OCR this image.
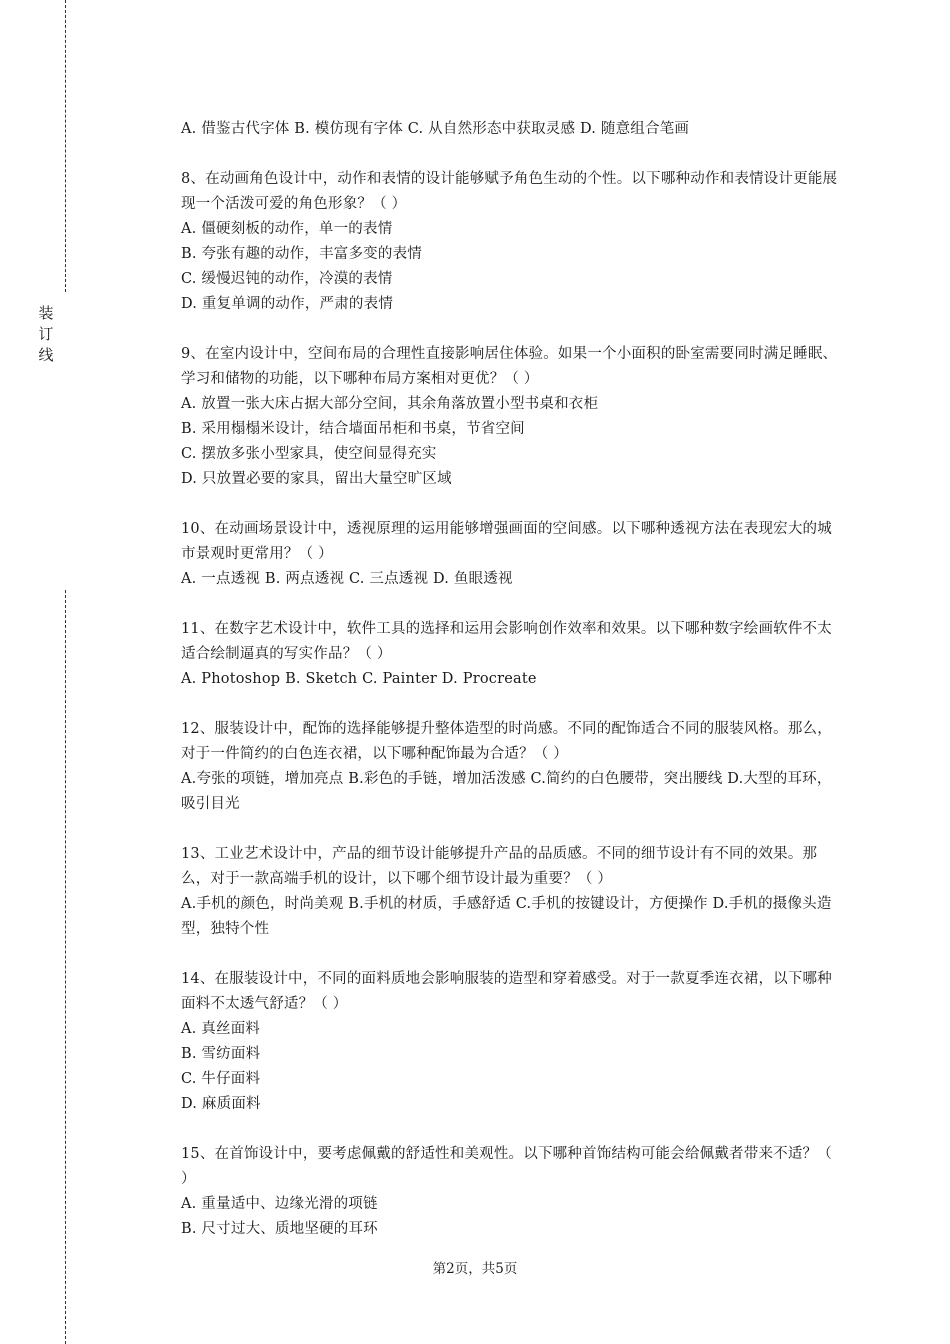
装订线

A. 借鉴古代字体 B. 模仿现有字体 C. 从自然形态中获取灵感 D. 随意组合笔画

8、在动画角色设计中，动作和表情的设计能够赋予角色生动的个性。以下哪种动作和表情设计更能展现一个活泼可爱的角色形象？（ ）

A. 僵硬刻板的动作，单一的表情

B. 夸张有趣的动作，丰富多变的表情

C. 缓慢迟钝的动作，冷漠的表情

D. 重复单调的动作，严肃的表情

9、在室内设计中，空间布局的合理性直接影响居住体验。如果一个小面积的卧室需要同时满足睡眠、学习和储物的功能，以下哪种布局方案相对更优？（ ）

A. 放置一张大床占据大部分空间，其余角落放置小型书桌和衣柜

B. 采用榻榻米设计，结合墙面吊柜和书桌，节省空间

C. 摆放多张小型家具，使空间显得充实

D. 只放置必要的家具，留出大量空旷区域

10、在动画场景设计中，透视原理的运用能够增强画面的空间感。以下哪种透视方法在表现宏大的城市景观时更常用？（ ）

A. 一点透视 B. 两点透视 C. 三点透视 D. 鱼眼透视

11、在数字艺术设计中，软件工具的选择和运用会影响创作效率和效果。以下哪种数字绘画软件不太适合绘制逼真的写实作品？（ ）

A. Photoshop B. Sketch C. Painter D. Procreate

12、服装设计中，配饰的选择能够提升整体造型的时尚感。不同的配饰适合不同的服装风格。那么，对于一件简约的白色连衣裙，以下哪种配饰最为合适？（ ）

A.夸张的项链，增加亮点 B.彩色的手链，增加活泼感 C.简约的白色腰带，突出腰线 D.大型的耳环，吸引目光

13、工业艺术设计中，产品的细节设计能够提升产品的品质感。不同的细节设计有不同的效果。那么，对于一款高端手机的设计，以下哪个细节设计最为重要？（ ）

A.手机的颜色，时尚美观 B.手机的材质，手感舒适 C.手机的按键设计，方便操作 D.手机的摄像头造型，独特个性

14、在服装设计中，不同的面料质地会影响服装的造型和穿着感受。对于一款夏季连衣裙，以下哪种面料不太透气舒适？（ ）

A. 真丝面料

B. 雪纺面料

C. 牛仔面料

D. 麻质面料

15、在首饰设计中，要考虑佩戴的舒适性和美观性。以下哪种首饰结构可能会给佩戴者带来不适？（ ）

A. 重量适中、边缘光滑的项链

B. 尺寸过大、质地坚硬的耳环

第2页，共5页
